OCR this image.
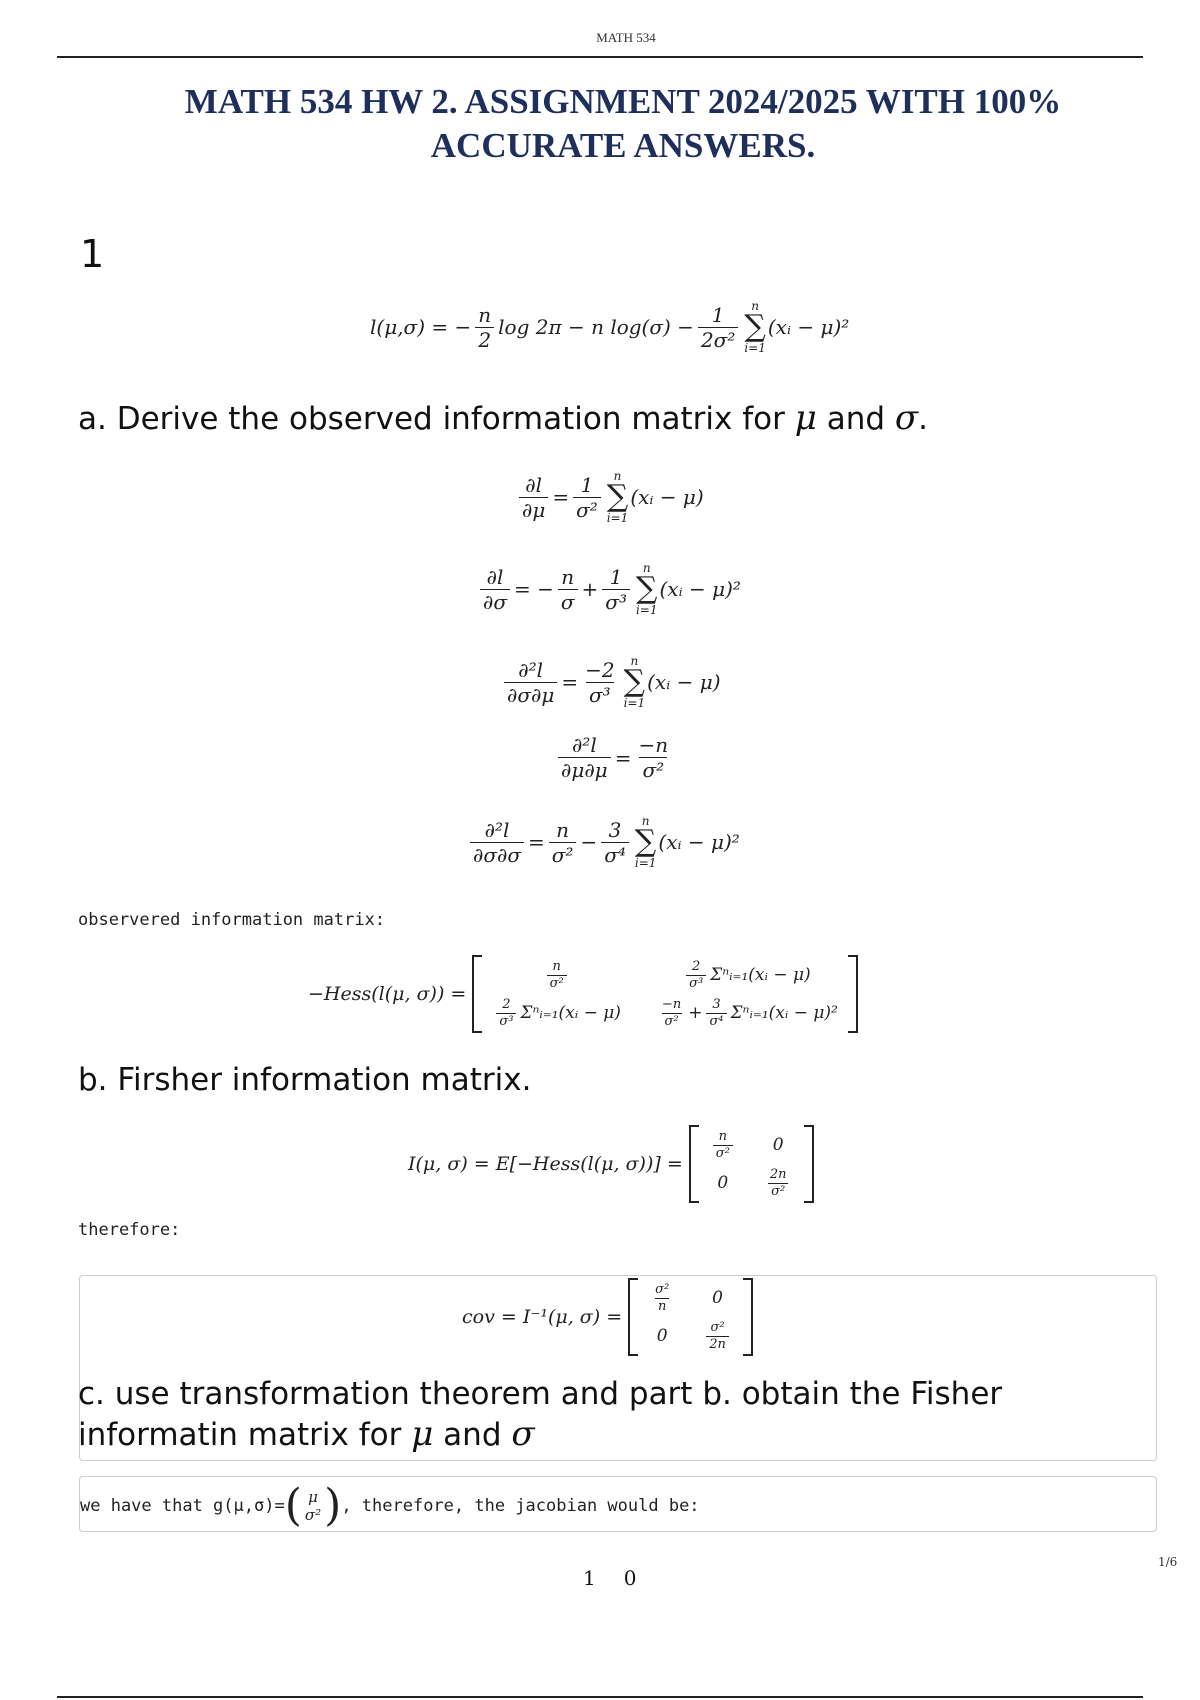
MATH 534
MATH 534 HW 2. ASSIGNMENT 2024/2025 WITH 100% ACCURATE ANSWERS.
1
l(μ,σ) = − $\frac{n}{2}$ log 2π − n $\log(\sigma) - \frac{1}{\text{2σ²}}$ n
∑
i=1
(xᵢ − μ)²
a. Derive the observed information matrix for μ and σ.
$\frac{\partial l}{\partial\mu} = \frac{1}{\text{σ²}}$ n
∑
i=1
(xᵢ − μ)
$\frac{\partial l}{\partial\sigma}$ = − $\frac{n}{\sigma} + \frac{1}{\text{σ³}}$ n
∑
i=1
(xᵢ − μ)²
$\frac{\text{∂²l}}{\partial\sigma\partial\mu} = \frac{-2}{\text{σ³}}$ n
∑
i=1
(xᵢ − μ)
$\frac{\text{∂²l}}{\partial\mu\partial\mu} = \frac{-n}{\text{σ²}}$
$\frac{\text{∂²l}}{\partial\sigma\partial\sigma} = \frac{n}{\text{σ²}} - \frac{3}{\text{σ⁴}}$ n
∑
i=1
(xᵢ − μ)²
observered information matrix:
−Hess(l(μ, σ)) =
$\frac{n}{\text{σ²}}$	$\frac{2}{\text{σ³}}$ Σⁿᵢ₌₁ (xᵢ − μ)
$\frac{2}{\text{σ³}}$ Σⁿᵢ₌₁ (xᵢ − μ)	$\frac{-n}{\text{σ²}} + \frac{3}{\text{σ⁴}}$ Σⁿᵢ₌₁ (xᵢ − μ)²
b. Firsher information matrix.
I(μ, σ) = E[−Hess(l(μ, σ))] =
$\frac{n}{\text{σ²}} 0$
0	$\frac{2n}{\text{σ²}}$
therefore:
cov = I⁻¹(μ, σ) =
$\frac{\text{σ²}}{n} 0$
0	$\frac{\text{σ²}}{2n}$
c. use transformation theorem and part b. obtain the Fisher
informatin matrix for μ and σ
we have that g(μ,σ)= ( μ
σ² ) , therefore, the jacobian would be:
1 0
1/6
